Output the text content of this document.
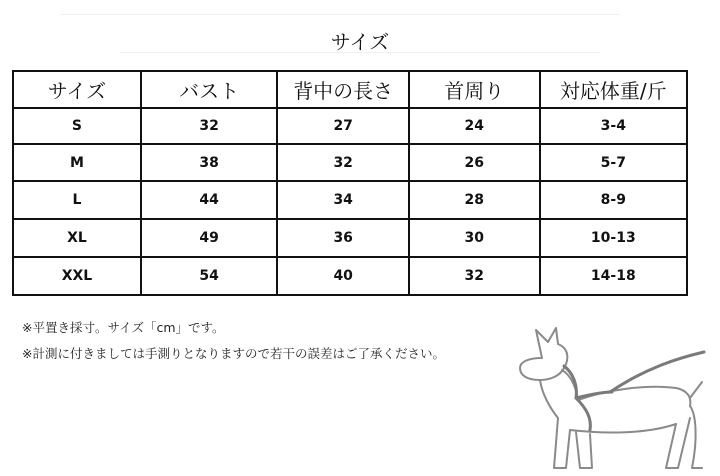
サイズ
サイズ	バスト	背中の長さ	首周り	対応体重/斤
S	32	27	24	3-4
M	38	32	26	5-7
L	44	34	28	8-9
XL	49	36	30	10-13
XXL	54	40	32	14-18
※平置き採寸。サイズ「cm」です。
※計測に付きましては手測りとなりますので若干の誤差はご了承ください。
